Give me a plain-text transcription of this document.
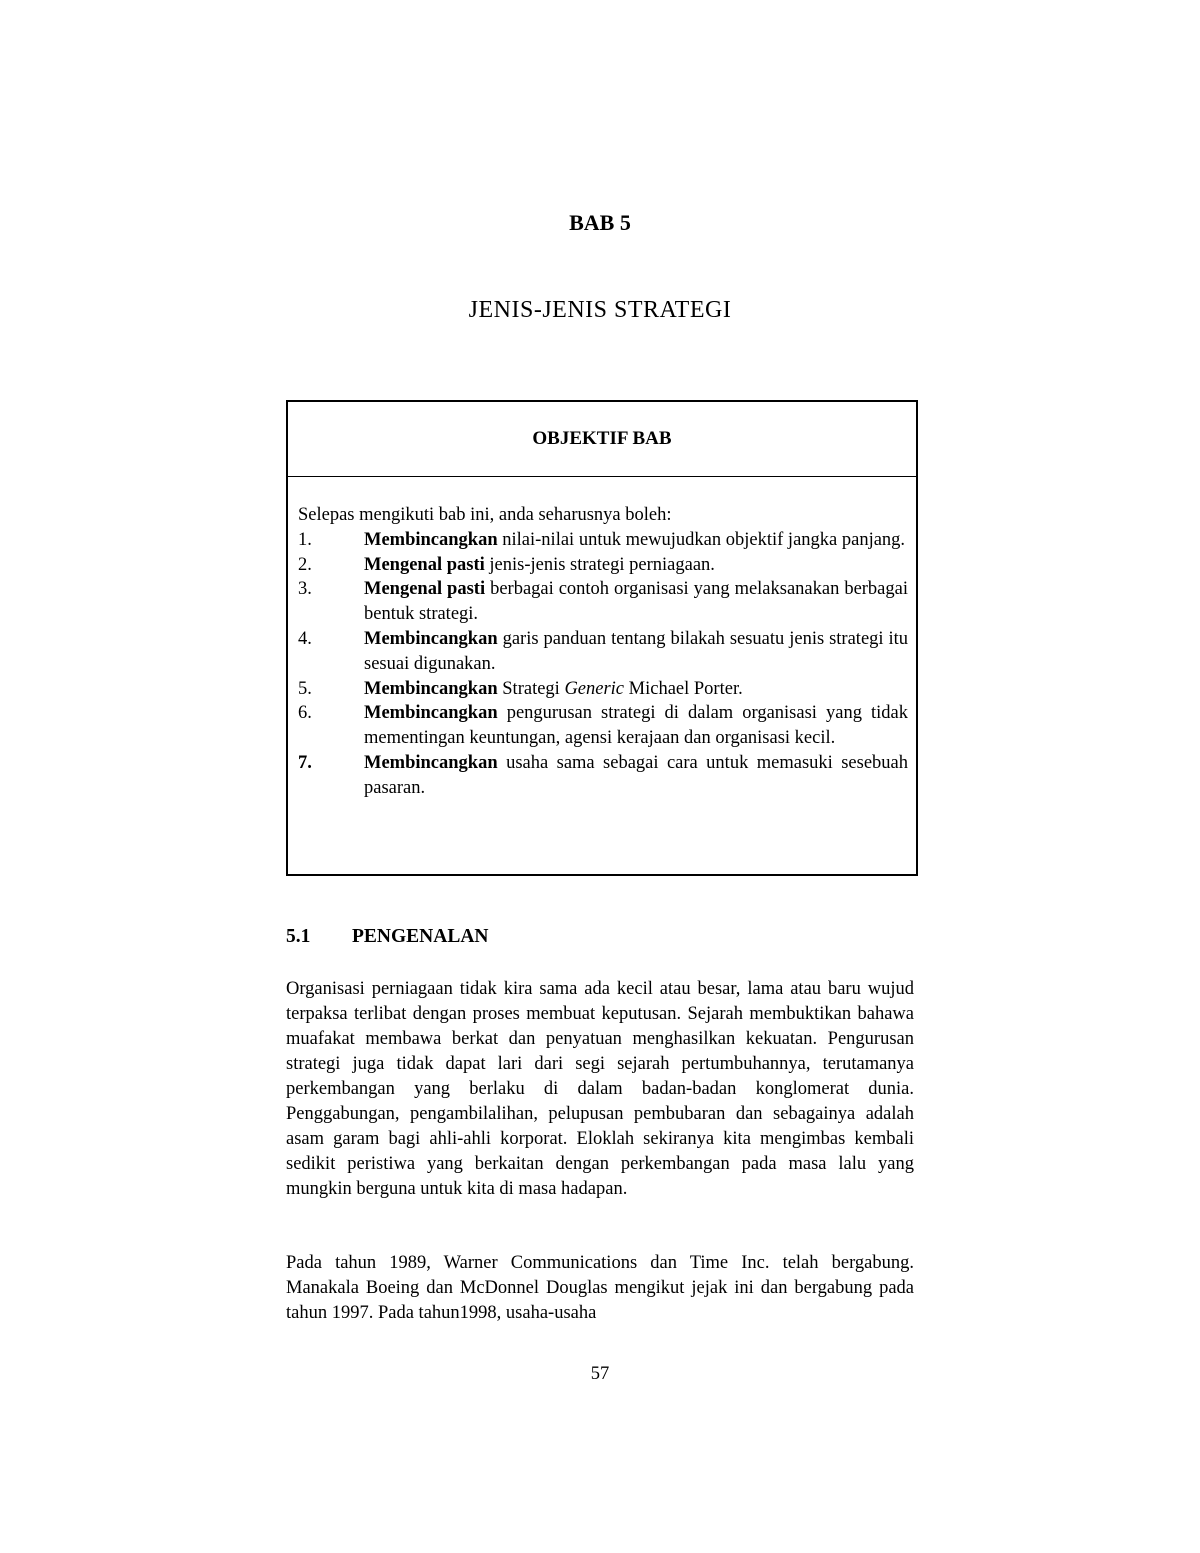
BAB 5
JENIS-JENIS STRATEGI
OBJEKTIF BAB
Selepas mengikuti bab ini, anda seharusnya boleh:
1.	Membincangkan nilai-nilai untuk mewujudkan objektif jangka panjang.
2.	Mengenal pasti jenis-jenis strategi perniagaan.
3.	Mengenal pasti berbagai contoh organisasi yang melaksanakan berbagai bentuk strategi.
4.	Membincangkan garis panduan tentang bilakah sesuatu jenis strategi itu sesuai digunakan.
5.	Membincangkan Strategi Generic Michael Porter.
6.	Membincangkan pengurusan strategi di dalam organisasi yang tidak mementingan keuntungan, agensi kerajaan dan organisasi kecil.
7.	Membincangkan usaha sama sebagai cara untuk memasuki sesebuah pasaran.
5.1	PENGENALAN

Organisasi perniagaan tidak kira sama ada kecil atau besar, lama atau baru wujud terpaksa terlibat dengan proses membuat keputusan. Sejarah membuktikan bahawa muafakat membawa berkat dan penyatuan menghasilkan kekuatan. Pengurusan strategi juga tidak dapat lari dari segi sejarah pertumbuhannya, terutamanya perkembangan yang berlaku di dalam badan-badan konglomerat dunia. Penggabungan, pengambilalihan, pelupusan pembubaran dan sebagainya adalah asam garam bagi ahli-ahli korporat. Eloklah sekiranya kita mengimbas kembali sedikit peristiwa yang berkaitan dengan perkembangan pada masa lalu yang mungkin berguna untuk kita di masa hadapan.

Pada tahun 1989, Warner Communications dan Time Inc. telah bergabung. Manakala Boeing dan McDonnel Douglas mengikut jejak ini dan bergabung pada tahun 1997. Pada tahun1998, usaha-usaha

57
